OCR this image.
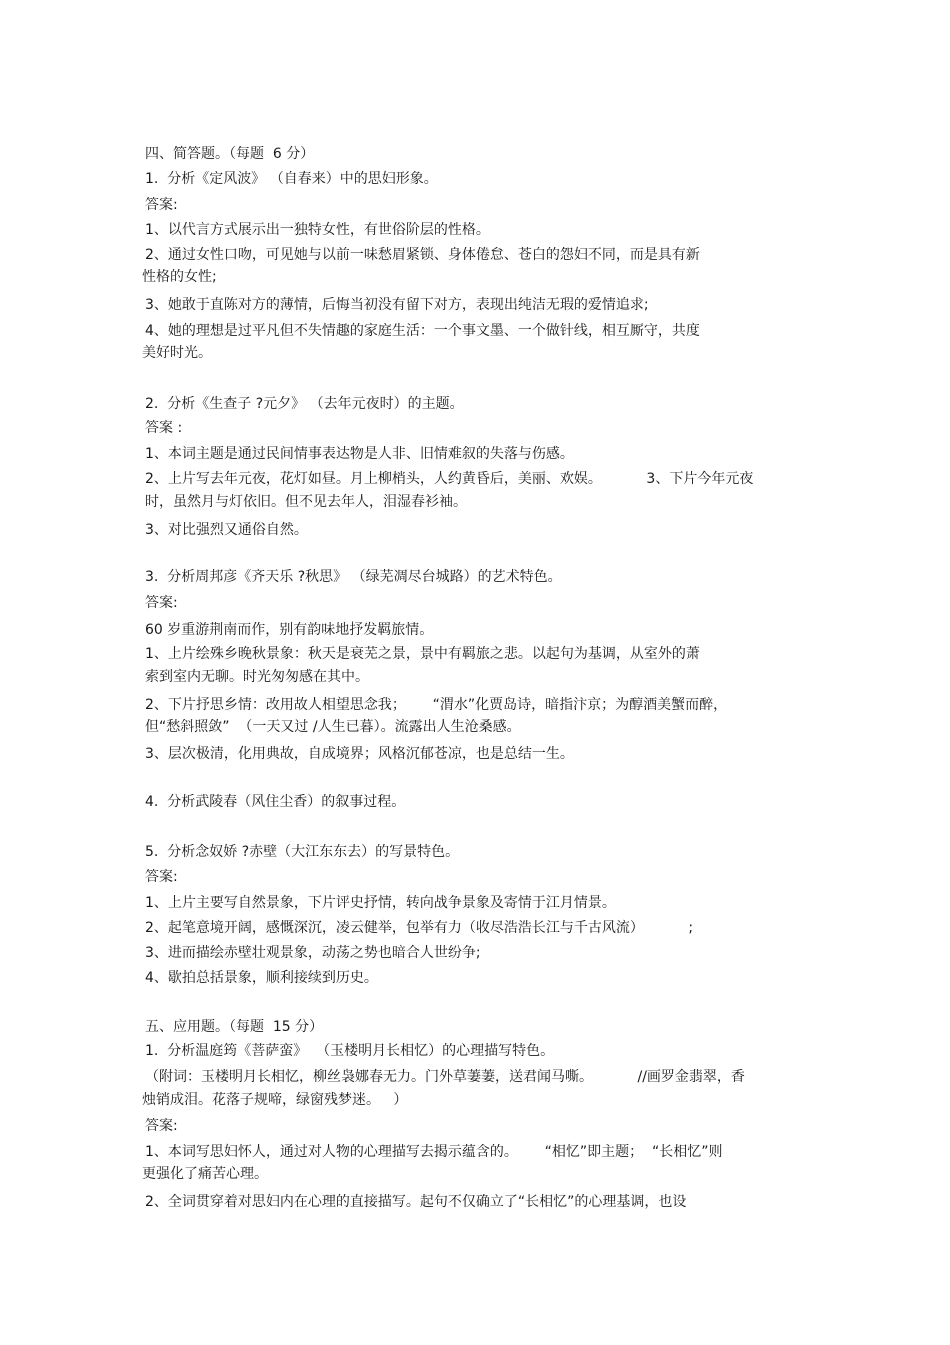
四、简答题。（每题  6 分）
1.  分析《定风波》 （自春来）中的思妇形象。
答案:
1、以代言方式展示出一独特女性，有世俗阶层的性格。
2、通过女性口吻，可见她与以前一味愁眉紧锁、身体倦怠、苍白的怨妇不同，而是具有新
性格的女性;
3、她敢于直陈对方的薄情，后悔当初没有留下对方，表现出纯洁无瑕的爱情追求;
4、她的理想是过平凡但不失情趣的家庭生活：一个事文墨、一个做针线，相互厮守，共度
美好时光。
2.  分析《生查子 ?元夕》 （去年元夜时）的主题。
答案 :
1、本词主题是通过民间情事表达物是人非、旧情难叙的失落与伤感。
2、上片写去年元夜，花灯如昼。月上柳梢头，人约黄昏后，美丽、欢娱。          3、下片今年元夜
时，虽然月与灯依旧。但不见去年人，泪湿春衫袖。
3、对比强烈又通俗自然。
3.  分析周邦彦《齐天乐 ?秋思》 （绿芜凋尽台城路）的艺术特色。
答案:
60 岁重游荆南而作，别有韵味地抒发羁旅情。
1、上片绘殊乡晚秋景象：秋天是衰芜之景，景中有羁旅之悲。以起句为基调，从室外的萧
索到室内无聊。时光匆匆感在其中。
2、下片抒思乡情：改用故人相望思念我；      “渭水”化贾岛诗，暗指汴京；为醇酒美蟹而醉，
但“愁斜照敛”  （一天又过 /人生已暮）。流露出人生沧桑感。
3、层次极清，化用典故，自成境界；风格沉郁苍凉，也是总结一生。
4.  分析武陵春（风住尘香）的叙事过程。
5.  分析念奴娇 ?赤壁（大江东东去）的写景特色。
答案:
1、上片主要写自然景象，下片评史抒情，转向战争景象及寄情于江月情景。
2、起笔意境开阔，感慨深沉，凌云健举，包举有力（收尽浩浩长江与千古风流）          ;
3、进而描绘赤壁壮观景象，动荡之势也暗合人世纷争;
4、歇拍总括景象，顺利接续到历史。
五、应用题。（每题  15 分）
1.  分析温庭筠《菩萨蛮》  （玉楼明月长相忆）的心理描写特色。
（附词：玉楼明月长相忆，柳丝袅娜春无力。门外草萋萋，送君闻马嘶。          //画罗金翡翠，香
烛销成泪。花落子规啼，绿窗残梦迷。   ）
答案:
1、本词写思妇怀人，通过对人物的心理描写去揭示蕴含的。      “相忆”即主题；  “长相忆”则
更强化了痛苦心理。
2、全词贯穿着对思妇内在心理的直接描写。起句不仅确立了“长相忆”的心理基调，也设
